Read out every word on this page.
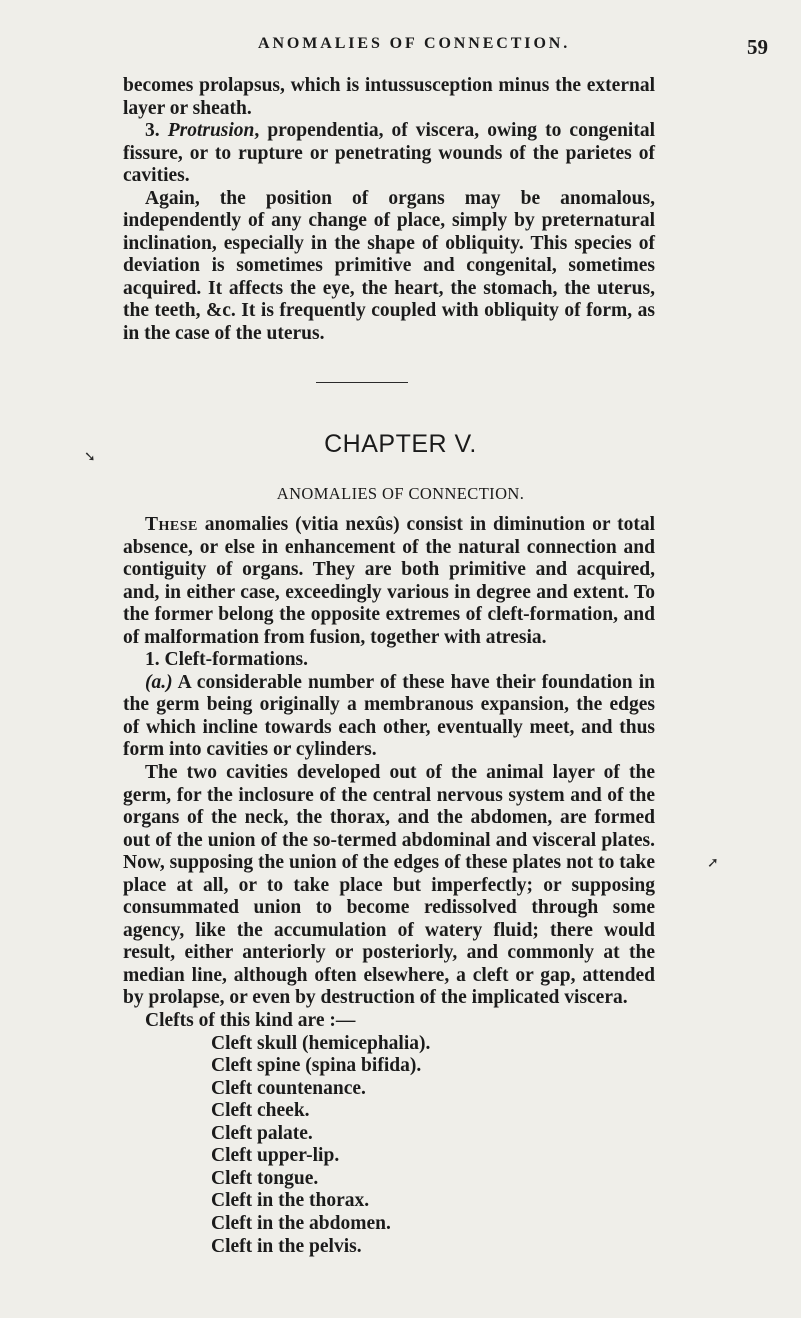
ANOMALIES OF CONNECTION.	59

becomes prolapsus, which is intussusception minus the external layer or sheath.

3. Protrusion, propendentia, of viscera, owing to congenital fissure, or to rupture or penetrating wounds of the parietes of cavities.

Again, the position of organs may be anomalous, independently of any change of place, simply by preternatural inclination, especially in the shape of obliquity. This species of deviation is sometimes primitive and congenital, sometimes acquired. It affects the eye, the heart, the stomach, the uterus, the teeth, &c. It is frequently coupled with obliquity of form, as in the case of the uterus.

CHAPTER V.
ANOMALIES OF CONNECTION.
➘
➚

These anomalies (vitia nexûs) consist in diminution or total absence, or else in enhancement of the natural connection and contiguity of organs. They are both primitive and acquired, and, in either case, exceedingly various in degree and extent. To the former belong the opposite extremes of cleft-formation, and of malformation from fusion, together with atresia.

1. Cleft-formations.

(a.) A considerable number of these have their foundation in the germ being originally a membranous expansion, the edges of which incline towards each other, eventually meet, and thus form into cavities or cylinders.

The two cavities developed out of the animal layer of the germ, for the inclosure of the central nervous system and of the organs of the neck, the thorax, and the abdomen, are formed out of the union of the so-termed abdominal and visceral plates. Now, supposing the union of the edges of these plates not to take place at all, or to take place but imperfectly; or supposing consummated union to become redissolved through some agency, like the accumulation of watery fluid; there would result, either anteriorly or posteriorly, and commonly at the median line, although often elsewhere, a cleft or gap, attended by prolapse, or even by destruction of the implicated viscera.

Clefts of this kind are :—

Cleft skull (hemicephalia).
Cleft spine (spina bifida).
Cleft countenance.
Cleft cheek.
Cleft palate.
Cleft upper-lip.
Cleft tongue.
Cleft in the thorax.
Cleft in the abdomen.
Cleft in the pelvis.
